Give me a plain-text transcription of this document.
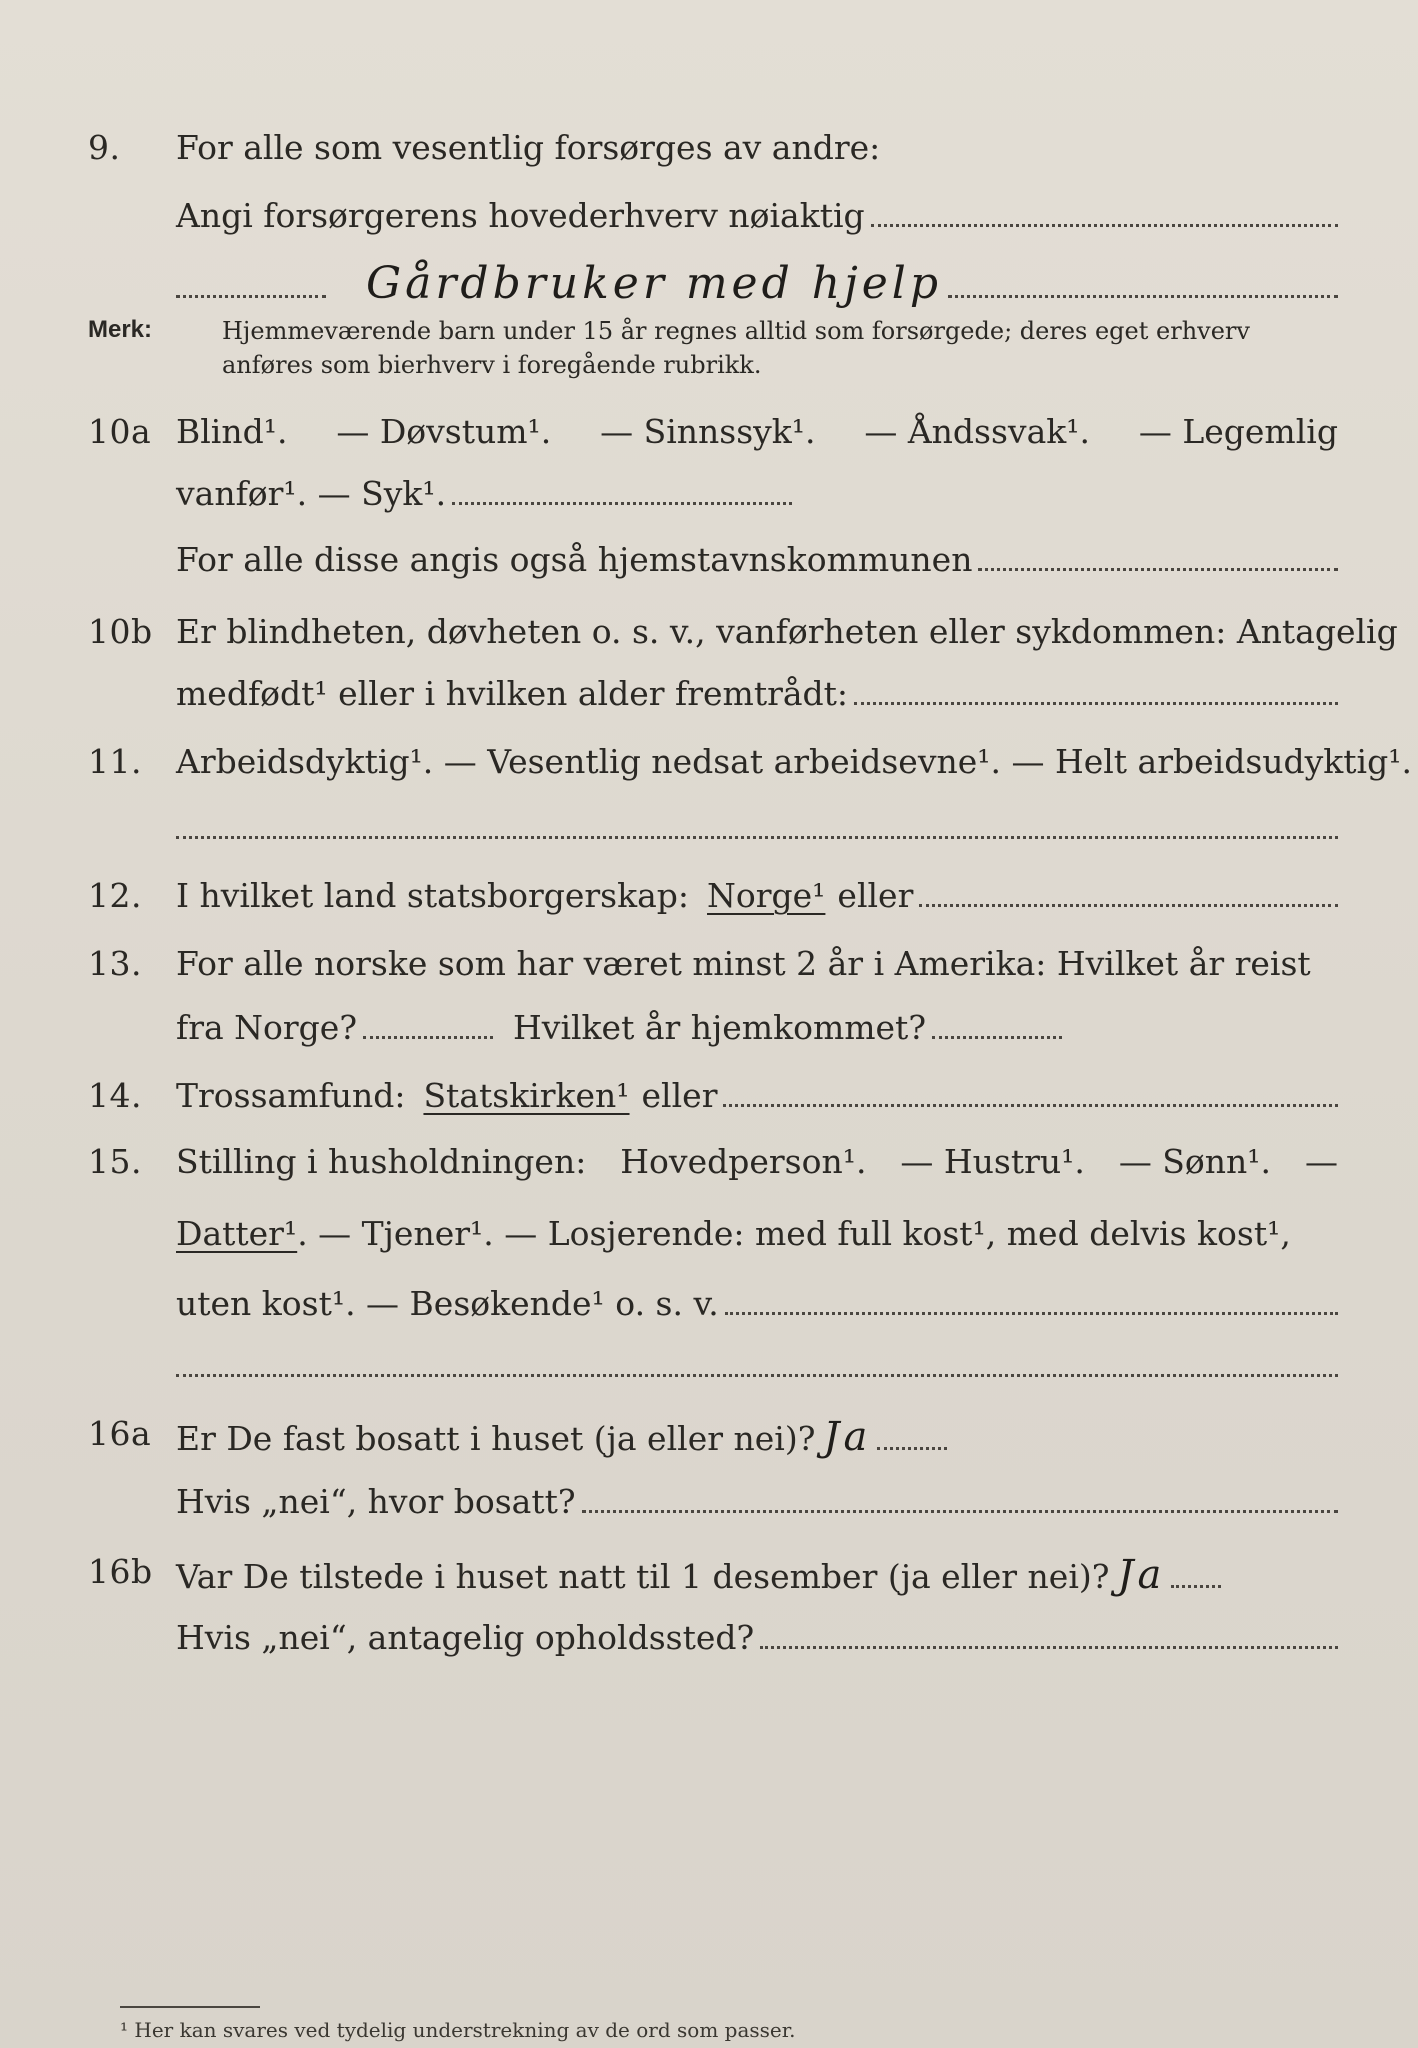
9. For alle som vesentlig forsørges av andre:
Angi forsørgerens hovederhverv nøiaktig
Gårdbruker med hjelp
Merk:	Hjemmeværende barn under 15 år regnes alltid som forsørgede; deres eget erhverv
anføres som bierhverv i foregående rubrikk.
10a Blind¹. — Døvstum¹. — Sinnssyk¹. — Åndssvak¹. — Legemlig
vanfør¹. — Syk¹.
For alle disse angis også hjemstavnskommunen
10b Er blindheten, døvheten o. s. v., vanførheten eller sykdommen: Antagelig
medfødt¹ eller i hvilken alder fremtrådt:
11. Arbeidsdyktig¹. — Vesentlig nedsat arbeidsevne¹. — Helt arbeidsudyktig¹.
12. I hvilket land statsborgerskap: Norge¹ eller
13. For alle norske som har været minst 2 år i Amerika: Hvilket år reist
fra Norge?	Hvilket år hjemkommet?
14. Trossamfund: Statskirken¹ eller
15. Stilling i husholdningen: Hovedperson¹. — Hustru¹. — Sønn¹. —
Datter¹ . — Tjener¹. — Losjerende: med full kost¹, med delvis kost¹,
uten kost¹. — Besøkende¹ o. s. v.
16a Er De fast bosatt i huset (ja eller nei)? Ja
Hvis „nei“, hvor bosatt?
16b Var De tilstede i huset natt til 1 desember (ja eller nei)? Ja
Hvis „nei“, antagelig opholdssted?
¹ Her kan svares ved tydelig understrekning av de ord som passer.
